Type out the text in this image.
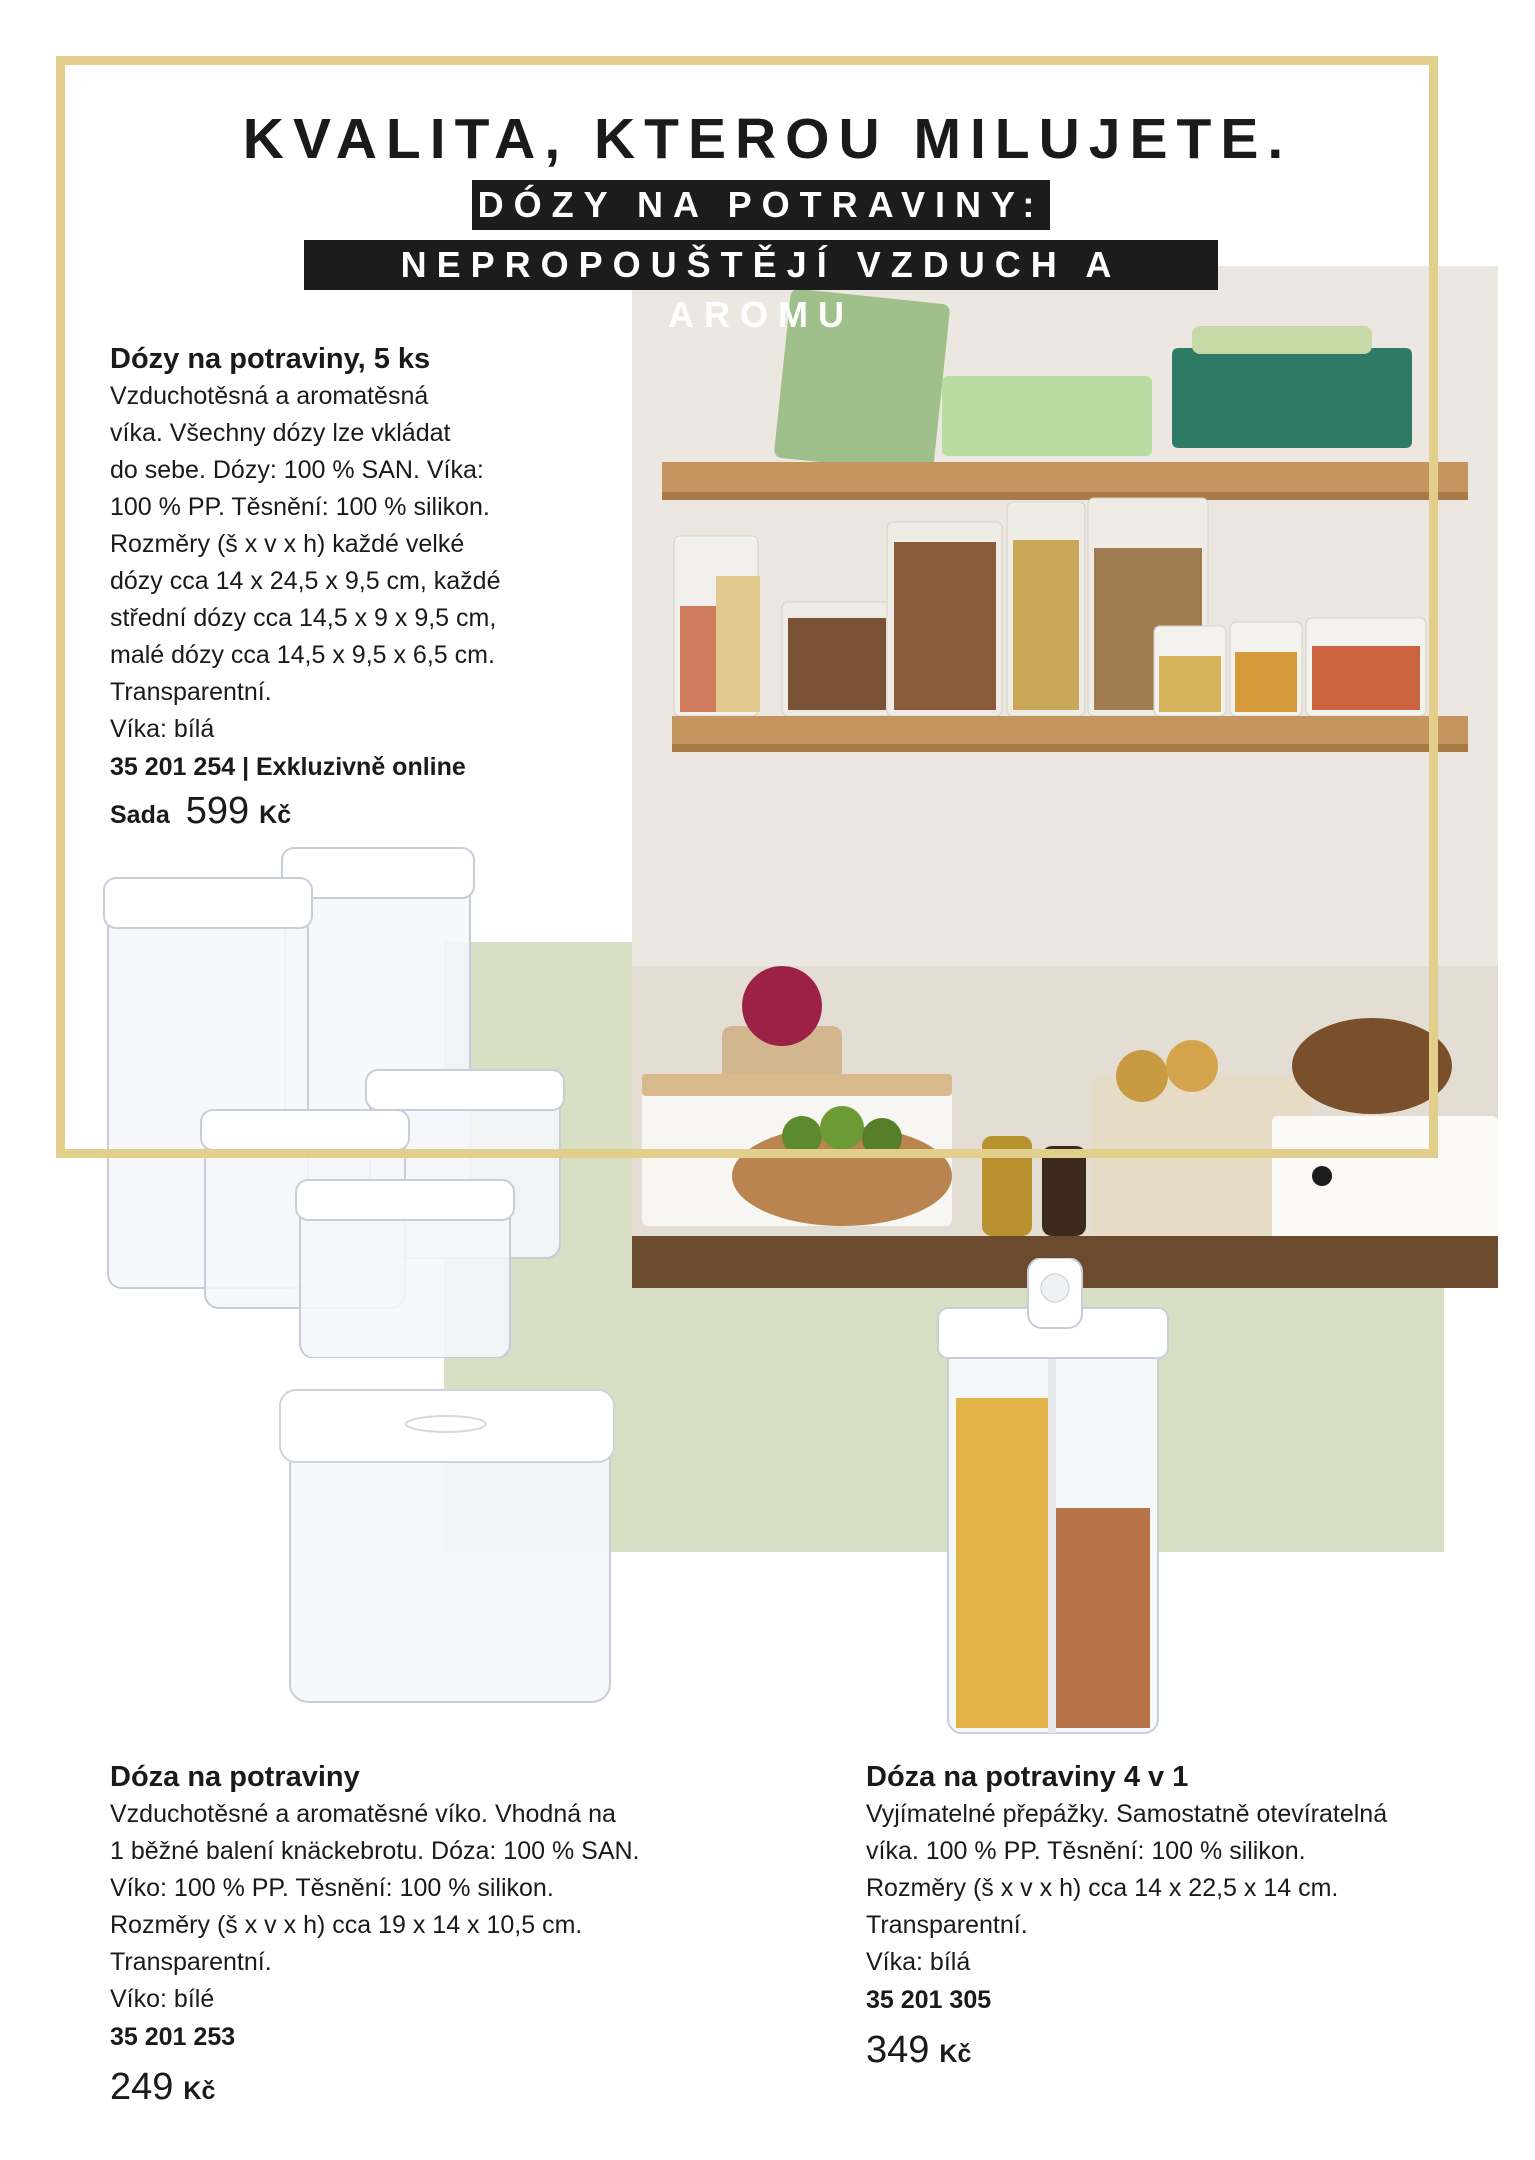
KVALITA, KTEROU MILUJETE.
DÓZY NA POTRAVINY:
NEPROPOUŠTĚJÍ VZDUCH A AROMU
Dózy na potraviny, 5 ks
Vzduchotěsná a aromatěsná
víka. Všechny dózy lze vkládat
do sebe. Dózy: 100 % SAN. Víka:
100 % PP. Těsnění: 100 % silikon.
Rozměry (š x v x h) každé velké
dózy cca 14 x 24,5 x 9,5 cm, každé
střední dózy cca 14,5 x 9 x 9,5 cm,
malé dózy cca 14,5 x 9,5 x 6,5 cm.
Transparentní.
Víka: bílá
35 201 254 | Exkluzivně online
Sada 599 Kč
Dóza na potraviny
Vzduchotěsné a aromatěsné víko. Vhodná na
1 běžné balení knäckebrotu. Dóza: 100 % SAN.
Víko: 100 % PP. Těsnění: 100 % silikon.
Rozměry (š x v x h) cca 19 x 14 x 10,5 cm.
Transparentní.
Víko: bílé
35 201 253
249 Kč
Dóza na potraviny 4 v 1
Vyjímatelné přepážky. Samostatně otevíratelná
víka. 100 % PP. Těsnění: 100 % silikon.
Rozměry (š x v x h) cca 14 x 22,5 x 14 cm.
Transparentní.
Víka: bílá
35 201 305
349 Kč
